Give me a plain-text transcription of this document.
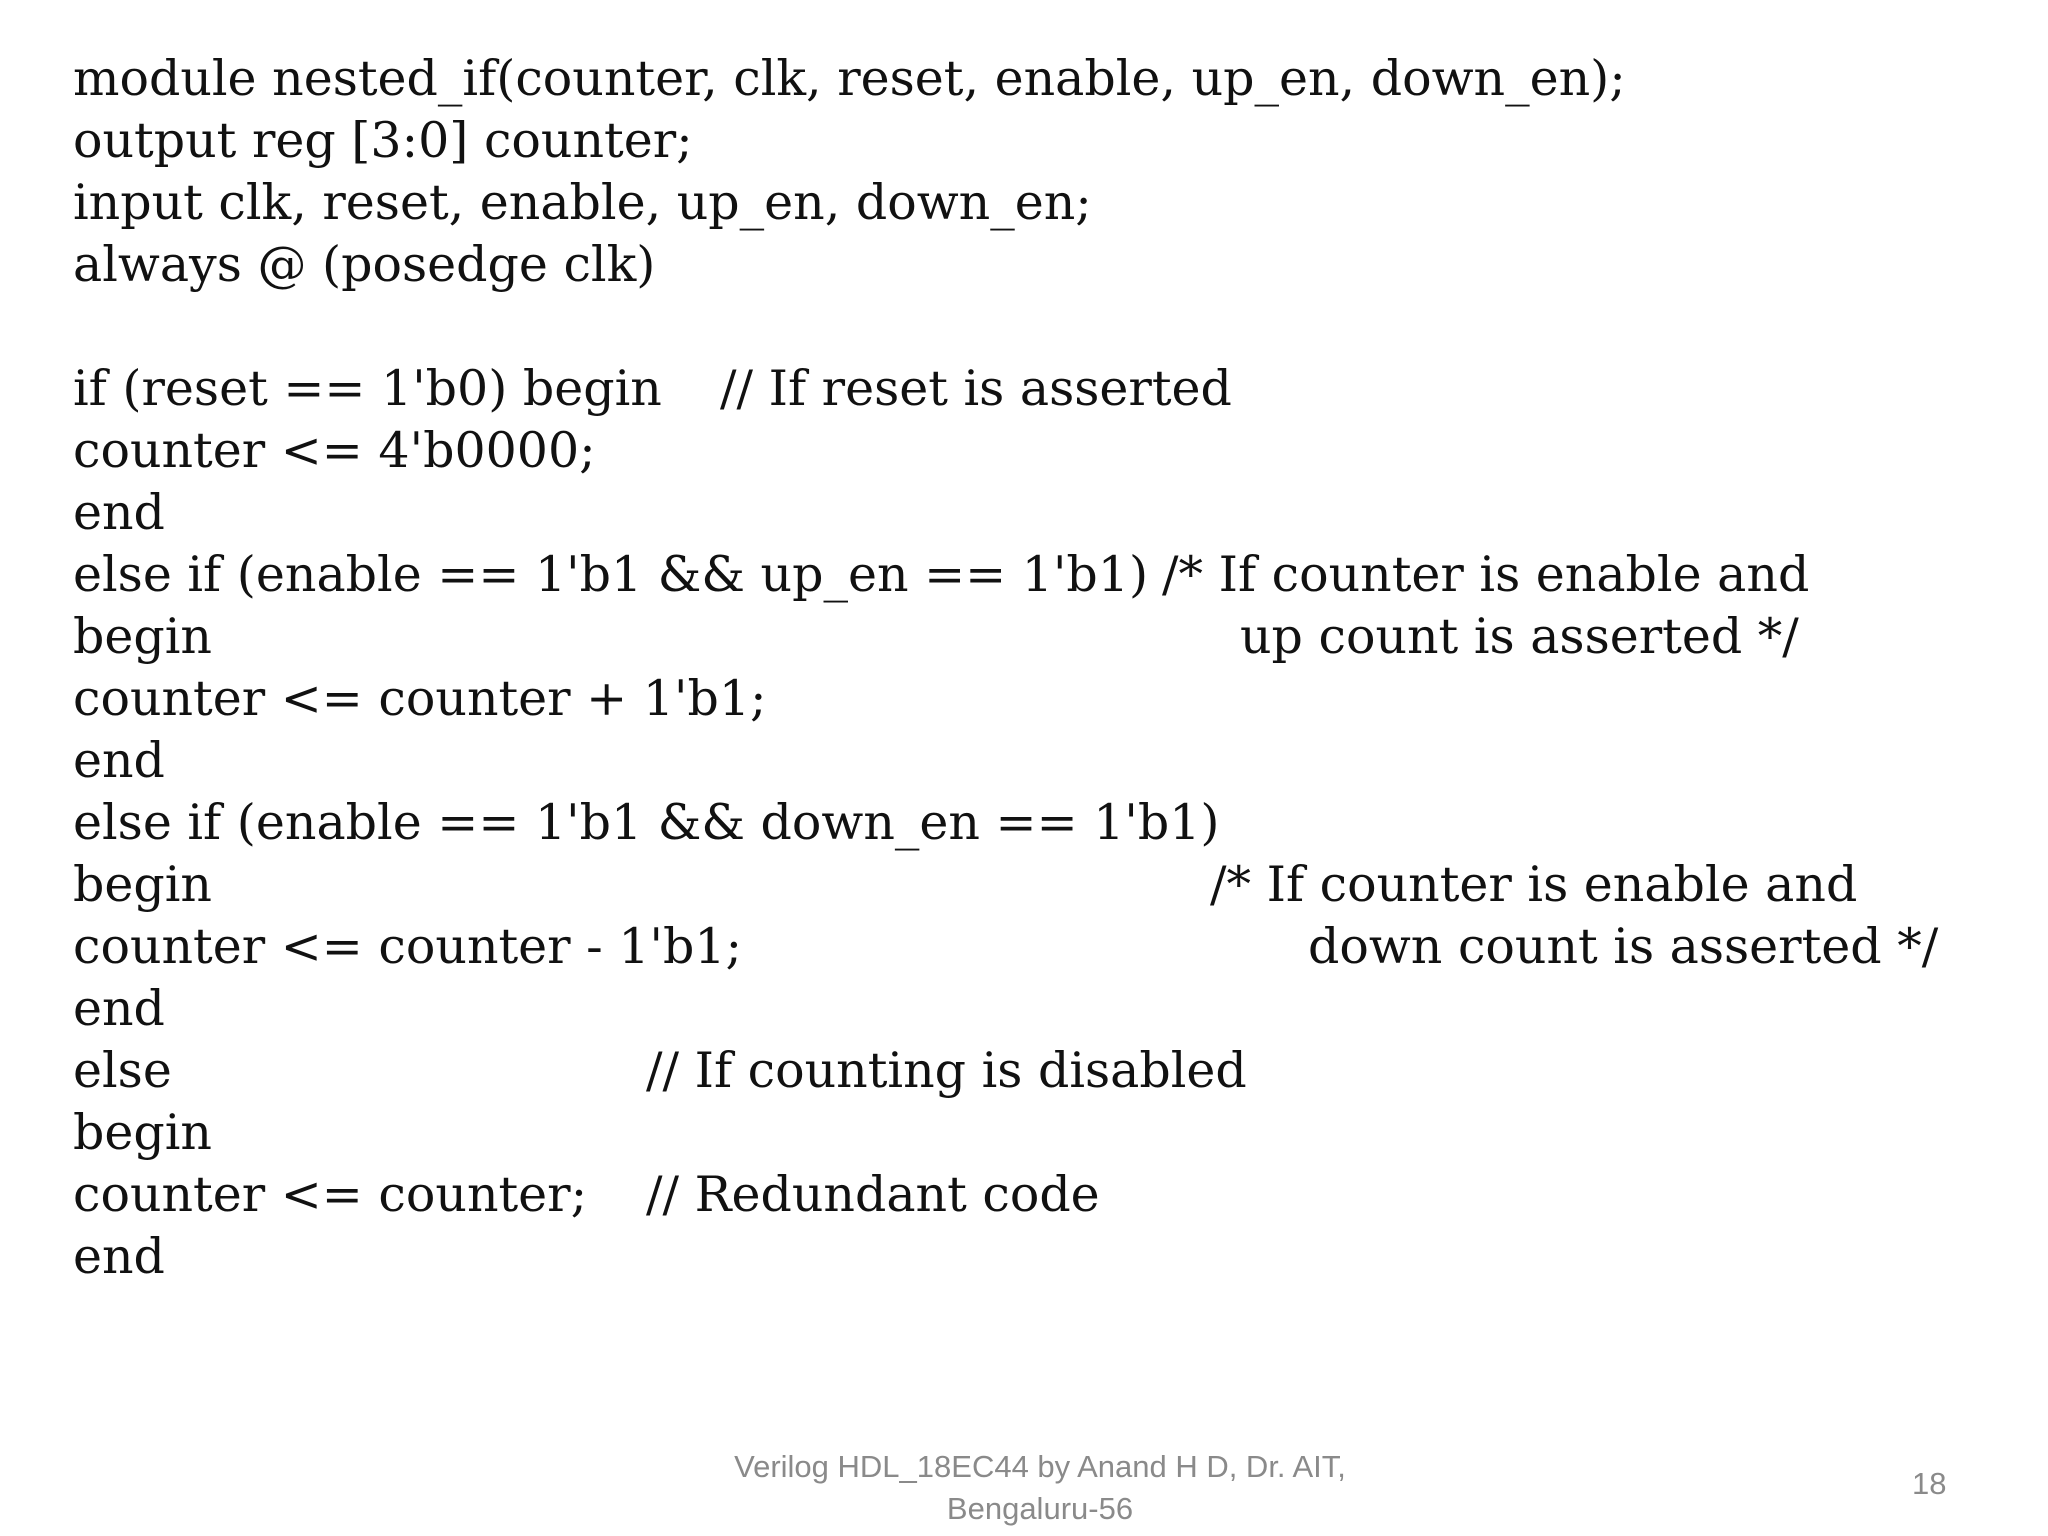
module nested_if(counter, clk, reset, enable, up_en, down_en);
output reg [3:0] counter;
input clk, reset, enable, up_en, down_en;
always @ (posedge clk)
if (reset == 1'b0) begin // If reset is asserted
counter <= 4'b0000;
end
else if (enable == 1'b1 && up_en == 1'b1) /* If counter is enable and
begin	up count is asserted */
counter <= counter + 1'b1;
end
else if (enable == 1'b1 && down_en == 1'b1)
begin	/* If counter is enable and
counter <= counter - 1'b1;	down count is asserted */
end
else	// If counting is disabled
begin
counter <= counter; // Redundant code
end
Verilog HDL_18EC44 by Anand H D, Dr. AIT,
Bengaluru-56
18
